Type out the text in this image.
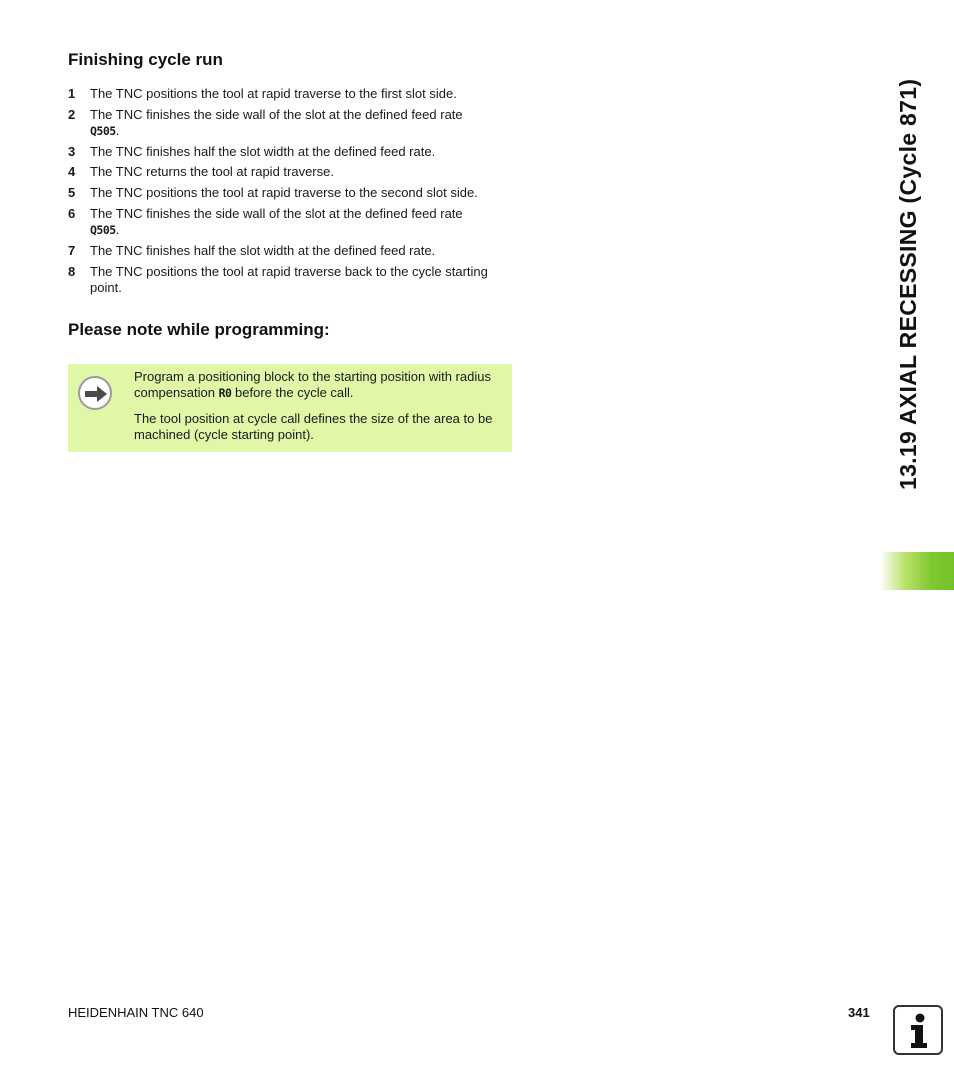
Finishing cycle run
1	The TNC positions the tool at rapid traverse to the first slot side.
2	The TNC finishes the side wall of the slot at the defined feed rate
Q505.
3	The TNC finishes half the slot width at the defined feed rate.
4	The TNC returns the tool at rapid traverse.
5	The TNC positions the tool at rapid traverse to the second slot side.
6	The TNC finishes the side wall of the slot at the defined feed rate
Q505.
7	The TNC finishes half the slot width at the defined feed rate.
8	The TNC positions the tool at rapid traverse back to the cycle starting point.
Please note while programming:

Program a positioning block to the starting position with radius compensation R0 before the cycle call.

The tool position at cycle call defines the size of the area to be machined (cycle starting point).	13.19 AXIAL RECESSING (Cycle 871)
HEIDENHAIN TNC 640	341
